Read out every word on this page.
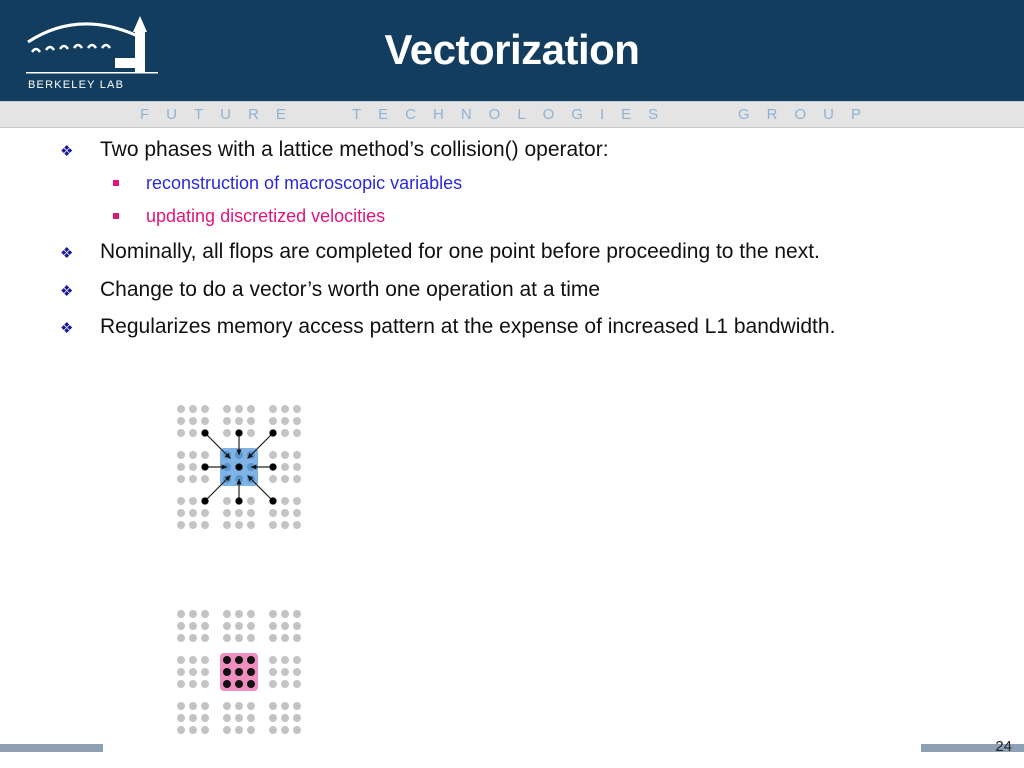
BERKELEY LAB
Vectorization
FUTURE	TECHNOLOGIES	GROUP
❖ Two phases with a lattice method’s collision() operator:
reconstruction of macroscopic variables
updating discretized velocities
❖ Nominally, all flops are completed for one point before proceeding to the next.
❖ Change to do a vector’s worth one operation at a time
❖ Regularizes memory access pattern at the expense of increased L1 bandwidth.
24
